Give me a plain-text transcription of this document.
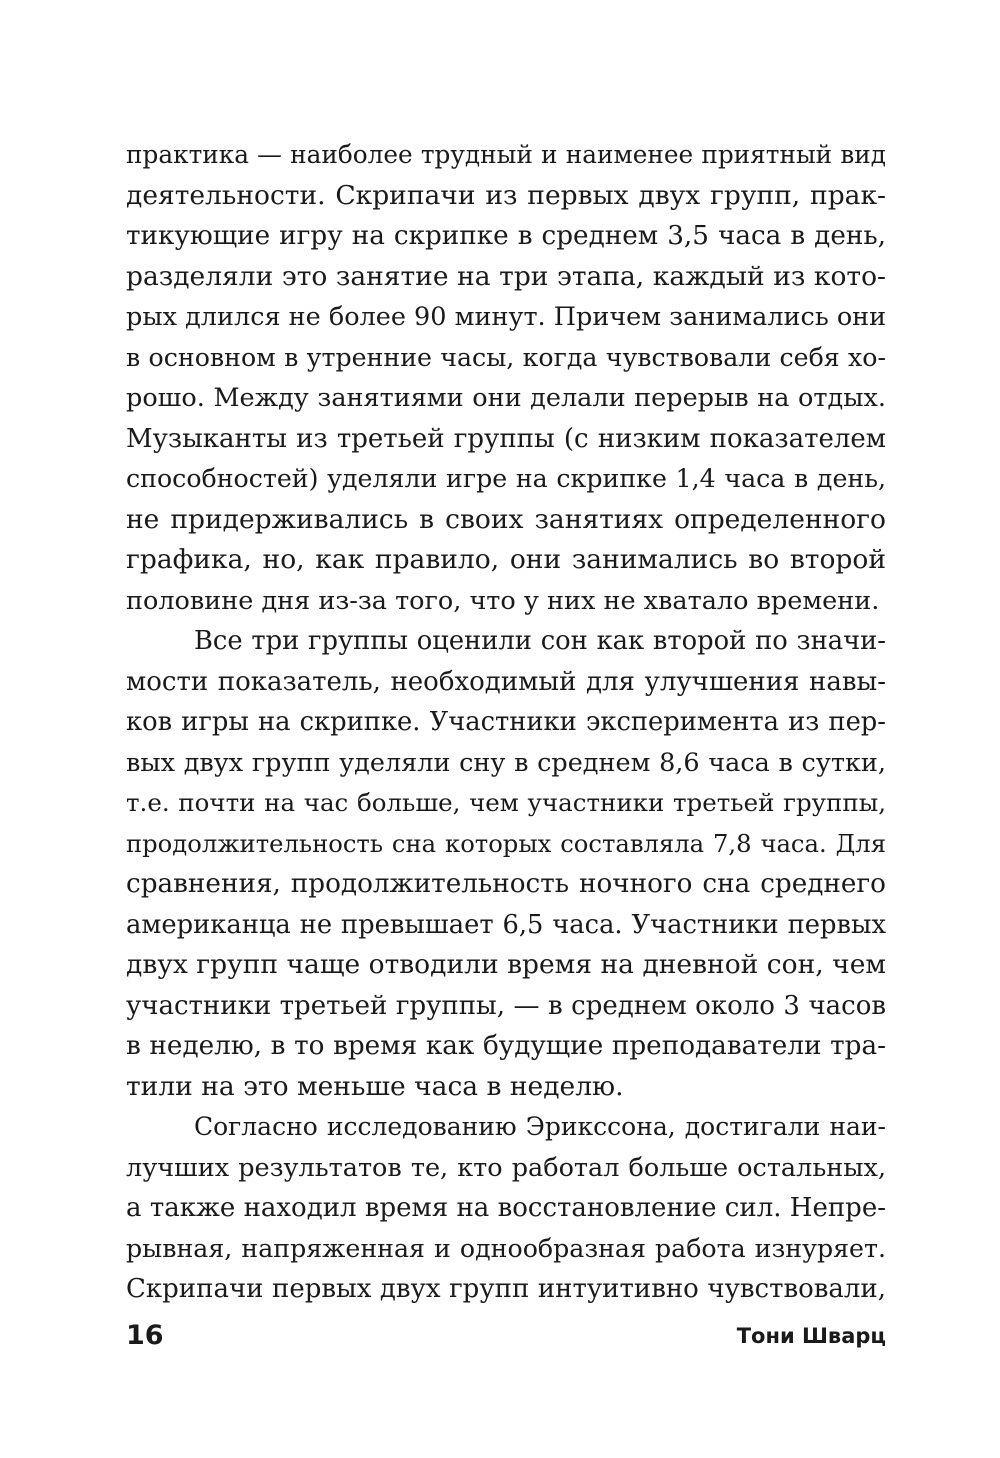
практика — наиболее трудный и наименее приятный вид
деятельности. Скрипачи из первых двух групп, прак-
тикующие игру на скрипке в среднем 3,5 часа в день,
разделяли это занятие на три этапа, каждый из кото-
рых длился не более 90 минут. Причем занимались они
в основном в утренние часы, когда чувствовали себя хо-
рошо. Между занятиями они делали перерыв на отдых.
Музыканты из третьей группы (с низким показателем
способностей) уделяли игре на скрипке 1,4 часа в день,
не придерживались в своих занятиях определенного
графика, но, как правило, они занимались во второй
половине дня из-за того, что у них не хватало времени.
Все три группы оценили сон как второй по значи-
мости показатель, необходимый для улучшения навы-
ков игры на скрипке. Участники эксперимента из пер-
вых двух групп уделяли сну в среднем 8,6 часа в сутки,
т.е. почти на час больше, чем участники третьей группы,
продолжительность сна которых составляла 7,8 часа. Для
сравнения, продолжительность ночного сна среднего
американца не превышает 6,5 часа. Участники первых
двух групп чаще отводили время на дневной сон, чем
участники третьей группы, — в среднем около 3 часов
в неделю, в то время как будущие преподаватели тра-
тили на это меньше часа в неделю.
Согласно исследованию Эрикссона, достигали наи-
лучших результатов те, кто работал больше остальных,
а также находил время на восстановление сил. Непре-
рывная, напряженная и однообразная работа изнуряет.
Скрипачи первых двух групп интуитивно чувствовали,
16	Тони Шварц
